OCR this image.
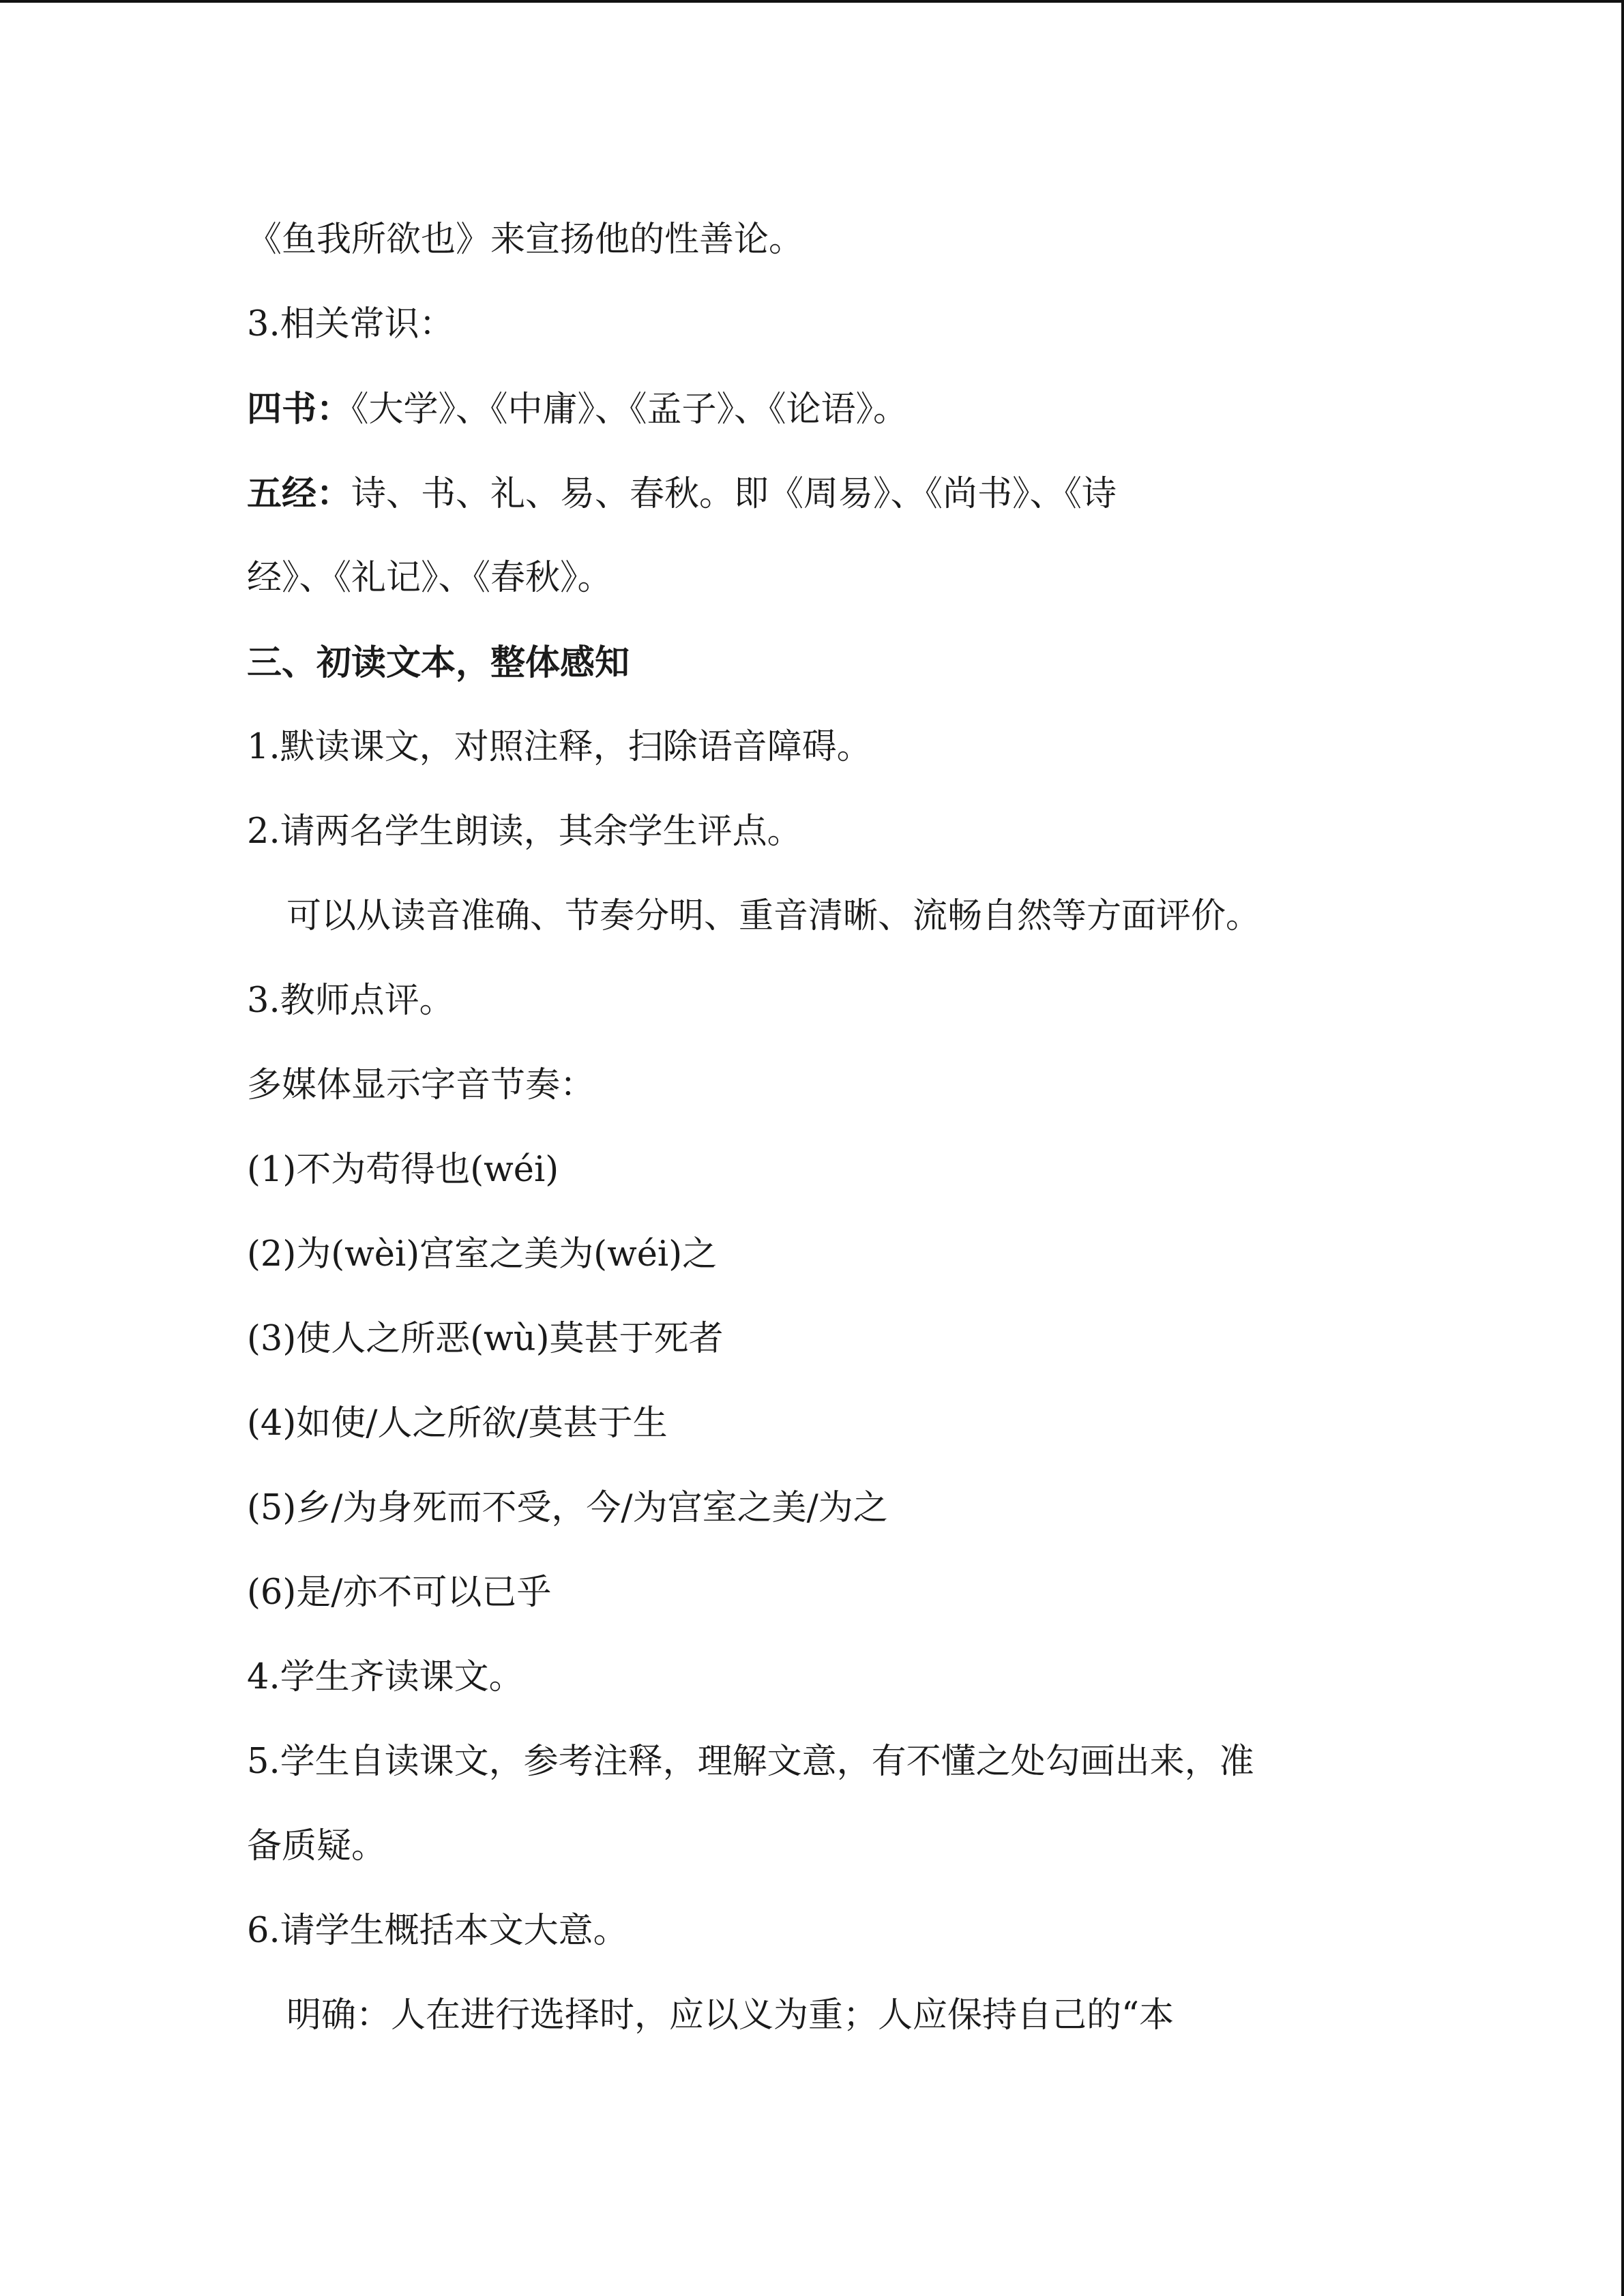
《鱼我所欲也》来宣扬他的性善论。

3.相关常识：

四书：《大学》、《中庸》、《孟子》、《论语》。

五经：诗、书、礼、易、春秋。即《周易》、《尚书》、《诗

经》、《礼记》、《春秋》。

三、初读文本，整体感知

1.默读课文，对照注释，扫除语音障碍。

2.请两名学生朗读，其余学生评点。

可以从读音准确、节奏分明、重音清晰、流畅自然等方面评价。

3.教师点评。

多媒体显示字音节奏：

(1)不为苟得也(wéi)

(2)为(wèi)宫室之美为(wéi)之

(3)使人之所恶(wù)莫甚于死者

(4)如使/人之所欲/莫甚于生

(5)乡/为身死而不受，今/为宫室之美/为之

(6)是/亦不可以已乎

4.学生齐读课文。

5.学生自读课文，参考注释，理解文意，有不懂之处勾画出来，准

备质疑。

6.请学生概括本文大意。

明确：人在进行选择时，应以义为重；人应保持自己的“本
